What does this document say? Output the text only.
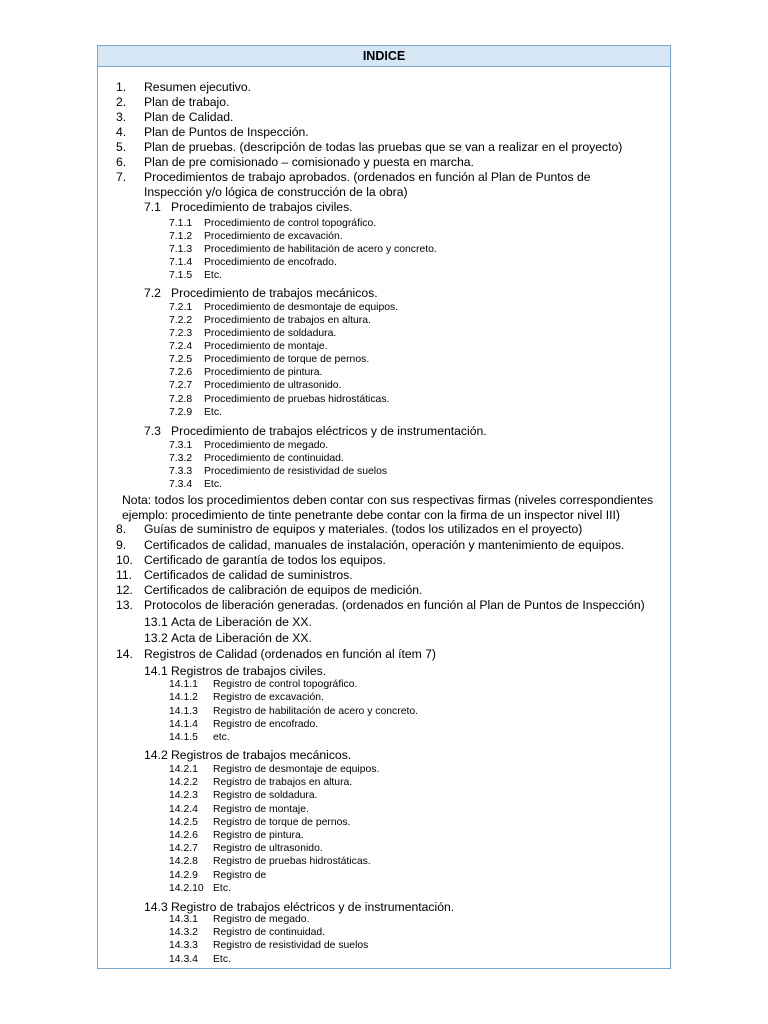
INDICE
1. Resumen ejecutivo.
2. Plan de trabajo.
3. Plan de Calidad.
4. Plan de Puntos de Inspección.
5. Plan de pruebas. (descripción de todas las pruebas que se van a realizar en el proyecto)
6. Plan de pre comisionado – comisionado y puesta en marcha.
7. Procedimientos de trabajo aprobados. (ordenados en función al Plan de Puntos de
Inspección y/o lógica de construcción de la obra)
7.1 Procedimiento de trabajos civiles.
7.1.1 Procedimiento de control topográfico.
7.1.2 Procedimiento de excavación.
7.1.3 Procedimiento de habilitación de acero y concreto.
7.1.4 Procedimiento de encofrado.
7.1.5 Etc.
7.2 Procedimiento de trabajos mecánicos.
7.2.1 Procedimiento de desmontaje de equipos.
7.2.2 Procedimiento de trabajos en altura.
7.2.3 Procedimiento de soldadura.
7.2.4 Procedimiento de montaje.
7.2.5 Procedimiento de torque de pernos.
7.2.6 Procedimiento de pintura.
7.2.7 Procedimiento de ultrasonido.
7.2.8 Procedimiento de pruebas hidrostáticas.
7.2.9 Etc.
7.3 Procedimiento de trabajos eléctricos y de instrumentación.
7.3.1 Procedimiento de megado.
7.3.2 Procedimiento de continuidad.
7.3.3 Procedimiento de resistividad de suelos
7.3.4 Etc.
Nota: todos los procedimientos deben contar con sus respectivas firmas (niveles correspondientes
ejemplo: procedimiento de tinte penetrante debe contar con la firma de un inspector nivel III)
8. Guías de suministro de equipos y materiales. (todos los utilizados en el proyecto)
9. Certificados de calidad, manuales de instalación, operación y mantenimiento de equipos.
10. Certificado de garantía de todos los equipos.
11. Certificados de calidad de suministros.
12. Certificados de calibración de equipos de medición.
13. Protocolos de liberación generadas. (ordenados en función al Plan de Puntos de Inspección)
13.1 Acta de Liberación de XX.
13.2 Acta de Liberación de XX.
14. Registros de Calidad (ordenados en función al ítem 7)
14.1 Registros de trabajos civiles.
14.1.1 Registro de control topográfico.
14.1.2 Registro de excavación.
14.1.3 Registro de habilitación de acero y concreto.
14.1.4 Registro de encofrado.
14.1.5 etc.
14.2 Registros de trabajos mecánicos.
14.2.1 Registro de desmontaje de equipos.
14.2.2 Registro de trabajos en altura.
14.2.3 Registro de soldadura.
14.2.4 Registro de montaje.
14.2.5 Registro de torque de pernos.
14.2.6 Registro de pintura.
14.2.7 Registro de ultrasonido.
14.2.8 Registro de pruebas hidrostáticas.
14.2.9 Registro de
14.2.10 Etc.
14.3 Registro de trabajos eléctricos y de instrumentación.
14.3.1 Registro de megado.
14.3.2 Registro de continuidad.
14.3.3 Registro de resistividad de suelos
14.3.4 Etc.
